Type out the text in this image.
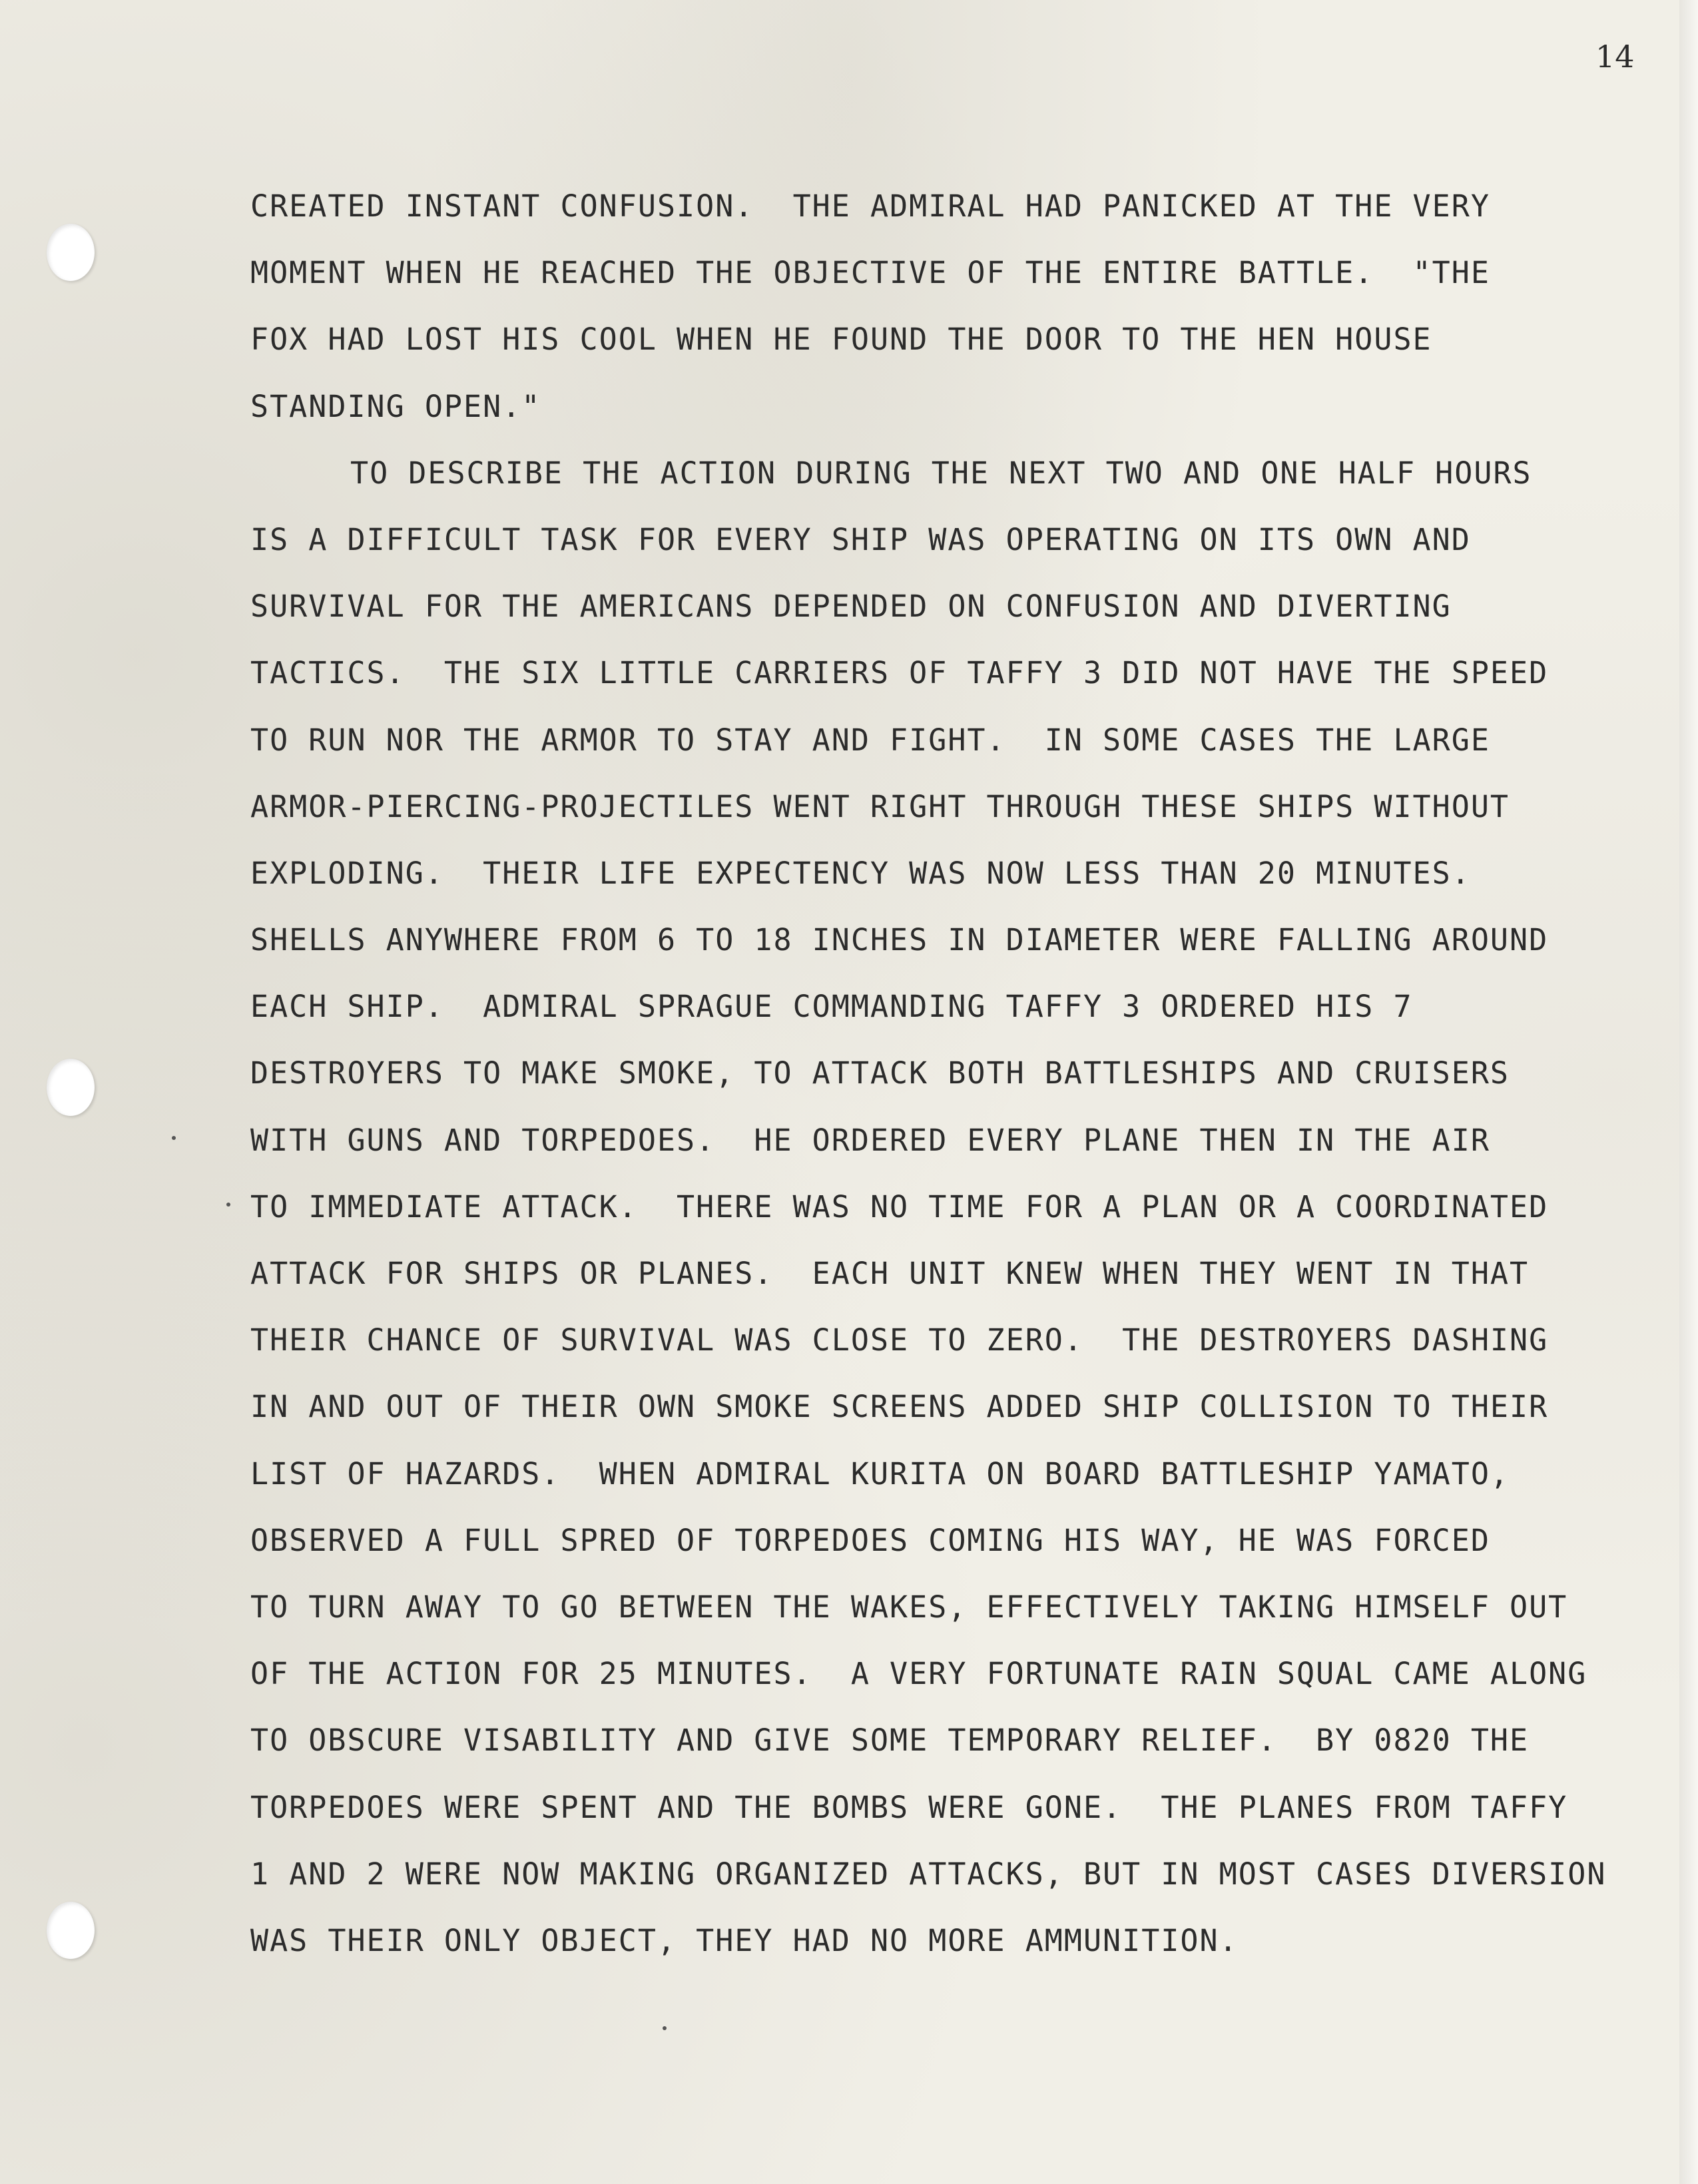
14
CREATED INSTANT CONFUSION.  THE ADMIRAL HAD PANICKED AT THE VERY
MOMENT WHEN HE REACHED THE OBJECTIVE OF THE ENTIRE BATTLE.  "THE
FOX HAD LOST HIS COOL WHEN HE FOUND THE DOOR TO THE HEN HOUSE
STANDING OPEN."
TO DESCRIBE THE ACTION DURING THE NEXT TWO AND ONE HALF HOURS
IS A DIFFICULT TASK FOR EVERY SHIP WAS OPERATING ON ITS OWN AND
SURVIVAL FOR THE AMERICANS DEPENDED ON CONFUSION AND DIVERTING
TACTICS.  THE SIX LITTLE CARRIERS OF TAFFY 3 DID NOT HAVE THE SPEED
TO RUN NOR THE ARMOR TO STAY AND FIGHT.  IN SOME CASES THE LARGE
ARMOR-PIERCING-PROJECTILES WENT RIGHT THROUGH THESE SHIPS WITHOUT
EXPLODING.  THEIR LIFE EXPECTENCY WAS NOW LESS THAN 20 MINUTES.
SHELLS ANYWHERE FROM 6 TO 18 INCHES IN DIAMETER WERE FALLING AROUND
EACH SHIP.  ADMIRAL SPRAGUE COMMANDING TAFFY 3 ORDERED HIS 7
DESTROYERS TO MAKE SMOKE, TO ATTACK BOTH BATTLESHIPS AND CRUISERS
WITH GUNS AND TORPEDOES.  HE ORDERED EVERY PLANE THEN IN THE AIR
TO IMMEDIATE ATTACK.  THERE WAS NO TIME FOR A PLAN OR A COORDINATED
ATTACK FOR SHIPS OR PLANES.  EACH UNIT KNEW WHEN THEY WENT IN THAT
THEIR CHANCE OF SURVIVAL WAS CLOSE TO ZERO.  THE DESTROYERS DASHING
IN AND OUT OF THEIR OWN SMOKE SCREENS ADDED SHIP COLLISION TO THEIR
LIST OF HAZARDS.  WHEN ADMIRAL KURITA ON BOARD BATTLESHIP YAMATO,
OBSERVED A FULL SPRED OF TORPEDOES COMING HIS WAY, HE WAS FORCED
TO TURN AWAY TO GO BETWEEN THE WAKES, EFFECTIVELY TAKING HIMSELF OUT
OF THE ACTION FOR 25 MINUTES.  A VERY FORTUNATE RAIN SQUAL CAME ALONG
TO OBSCURE VISABILITY AND GIVE SOME TEMPORARY RELIEF.  BY 0820 THE
TORPEDOES WERE SPENT AND THE BOMBS WERE GONE.  THE PLANES FROM TAFFY
1 AND 2 WERE NOW MAKING ORGANIZED ATTACKS, BUT IN MOST CASES DIVERSION
WAS THEIR ONLY OBJECT, THEY HAD NO MORE AMMUNITION.
